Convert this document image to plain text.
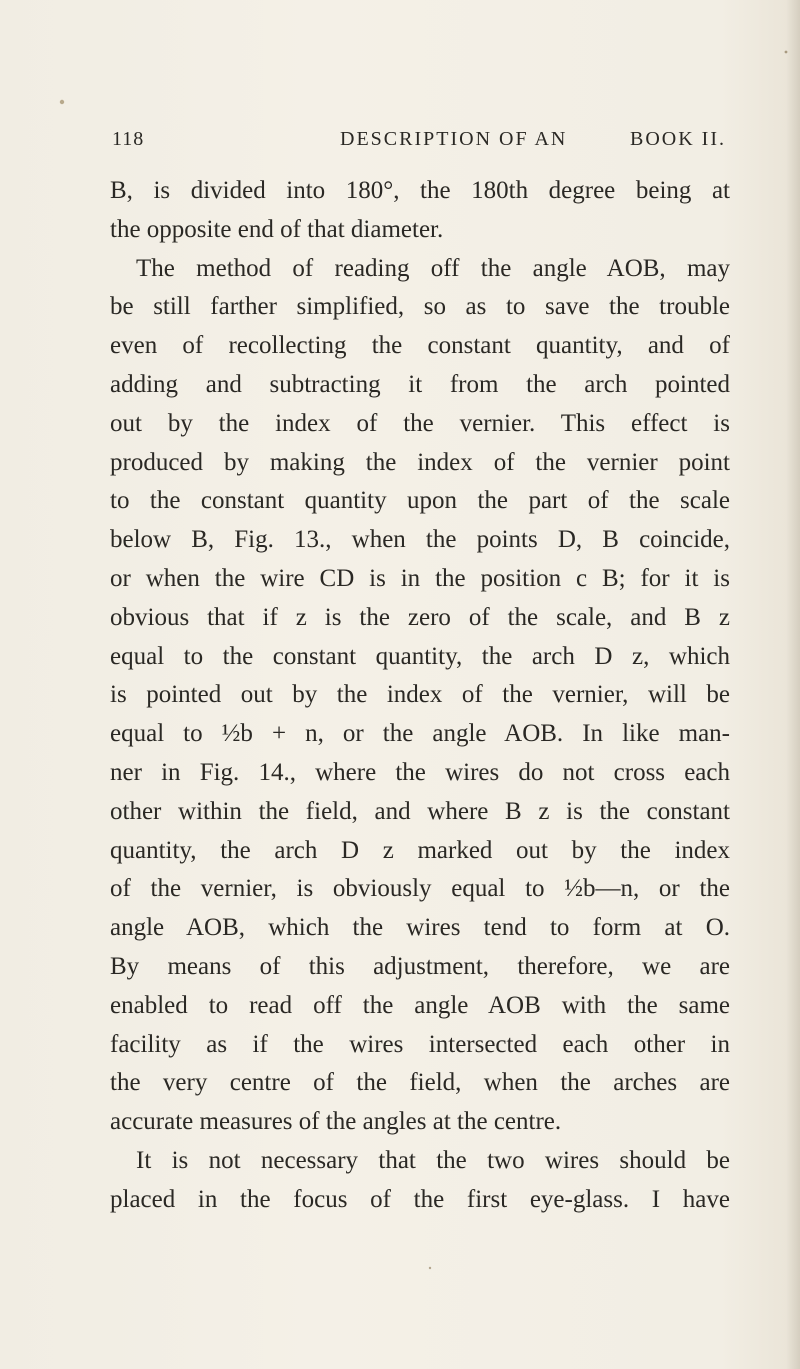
118	DESCRIPTION OF AN	BOOK II.
B, is divided into 180°, the 180th degree being at
the opposite end of that diameter.
The method of reading off the angle AOB, may
be still farther simplified, so as to save the trouble
even of recollecting the constant quantity, and of
adding and subtracting it from the arch pointed
out by the index of the vernier. This effect is
produced by making the index of the vernier point
to the constant quantity upon the part of the scale
below B, Fig. 13., when the points D, B coincide,
or when the wire CD is in the position c B; for it is
obvious that if z is the zero of the scale, and B z
equal to the constant quantity, the arch D z, which
is pointed out by the index of the vernier, will be
equal to ½b + n, or the angle AOB. In like man-
ner in Fig. 14., where the wires do not cross each
other within the field, and where B z is the constant
quantity, the arch D z marked out by the index
of the vernier, is obviously equal to ½b—n, or the
angle AOB, which the wires tend to form at O.
By means of this adjustment, therefore, we are
enabled to read off the angle AOB with the same
facility as if the wires intersected each other in
the very centre of the field, when the arches are
accurate measures of the angles at the centre.
It is not necessary that the two wires should be
placed in the focus of the first eye-glass. I have
